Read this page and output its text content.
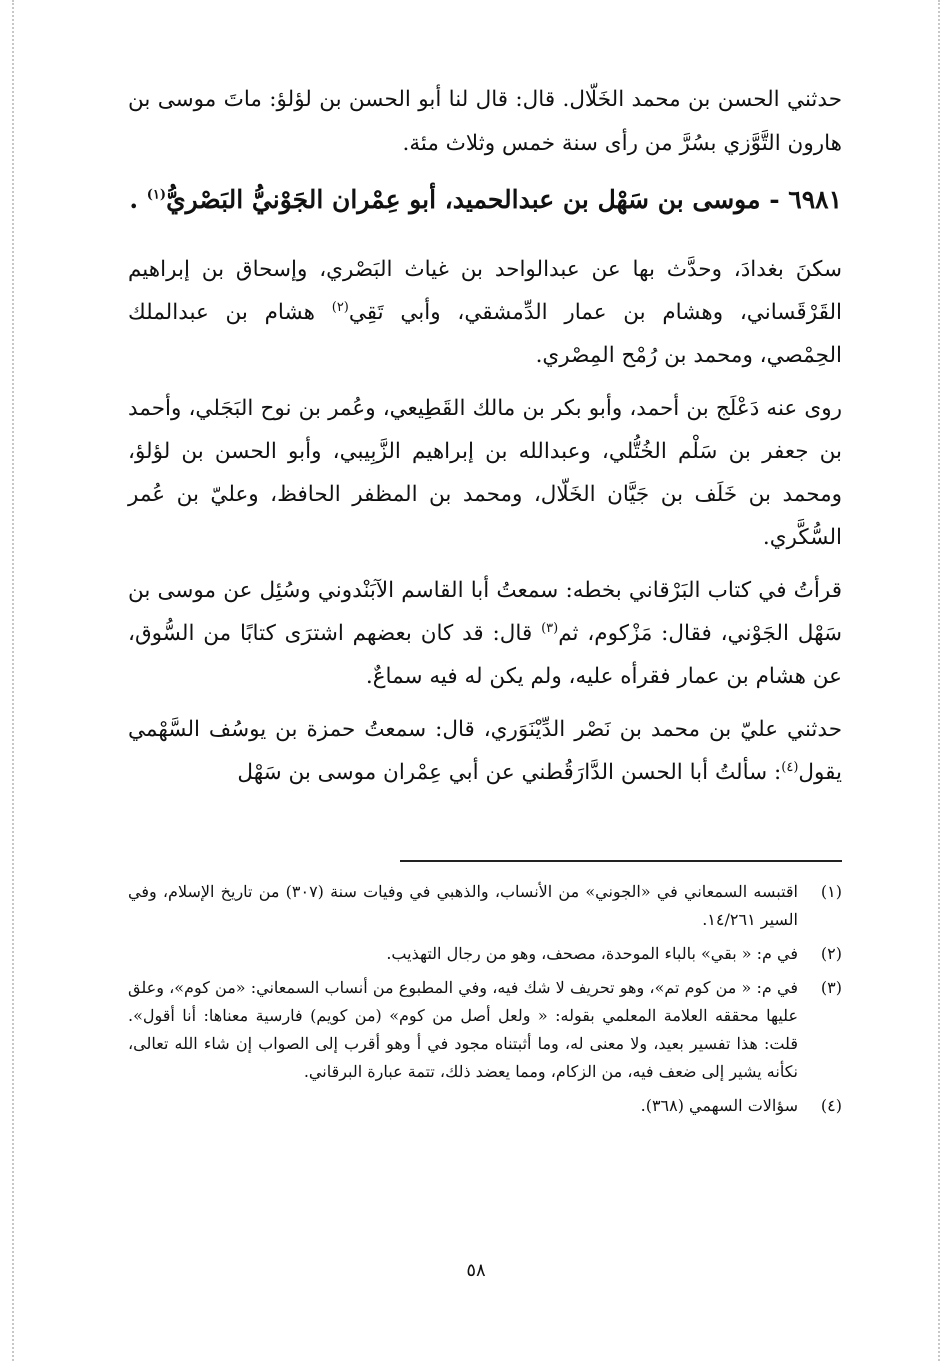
حدثني الحسن بن محمد الخَلّال. قال: قال لنا أبو الحسن بن لؤلؤ: ماتَ موسى بن هارون التَّوَّزي بسُرَّ من رأى سنة خمس وثلاث مئة.

٦٩٨١ - موسى بن سَهْل بن عبدالحميد، أبو عِمْران الجَوْنيُّ البَصْريُّ$^{(١)}$ .

سكنَ بغدادَ، وحدَّث بها عن عبدالواحد بن غياث البَصْري، وإسحاق بن إبراهيم القَرْقَساني، وهشام بن عمار الدِّمشقي، وأبي تَقِي$^{(٢)}$ هشام بن عبدالملك الحِمْصي، ومحمد بن رُمْح المِصْري.

روى عنه دَعْلَج بن أحمد، وأبو بكر بن مالك القَطِيعي، وعُمر بن نوح البَجَلي، وأحمد بن جعفر بن سَلْم الخُتُّلي، وعبدالله بن إبراهيم الزَّبِيبي، وأبو الحسن بن لؤلؤ، ومحمد بن خَلَف بن جَيَّان الخَلّال، ومحمد بن المظفر الحافظ، وعليّ بن عُمر السُّكَّري.

قرأتُ في كتاب البَرْقاني بخطه: سمعتُ أبا القاسم الآبَنْدوني وسُئِل عن موسى بن سَهْل الجَوْني، فقال: مَزْكوم، ثم$^{(٣)}$ قال: قد كان بعضهم اشترَى كتابًا من السُّوق، عن هشام بن عمار فقرأه عليه، ولم يكن له فيه سماعٌ.

حدثني عليّ بن محمد بن نَصْر الدِّيْنَوَري، قال: سمعتُ حمزة بن يوسُف السَّهْمي يقول$^{(٤)}$: سألتُ أبا الحسن الدَّارَقُطني عن أبي عِمْران موسى بن سَهْل

(١)
اقتبسه السمعاني في «الجوني» من الأنساب، والذهبي في وفيات سنة (٣٠٧) من تاريخ الإسلام، وفي السير ١٤/٢٦١.
(٢)
في م: « بقي» بالباء الموحدة، مصحف، وهو من رجال التهذيب.
(٣)
في م: « من كوم تم»، وهو تحريف لا شك فيه، وفي المطبوع من أنساب السمعاني: «من كوم»، وعلق عليها محققه العلامة المعلمي بقوله: « ولعل أصل من كوم» (من كويم) فارسية معناها: أنا أقول». قلت: هذا تفسير بعيد، ولا معنى له، وما أثبتناه مجود في أ وهو أقرب إلى الصواب إن شاء الله تعالى، نكأنه يشير إلى ضعف فيه، من الزكام، ومما يعضد ذلك، تتمة عبارة البرقاني.
(٤)
سؤالات السهمي (٣٦٨).
٥٨
